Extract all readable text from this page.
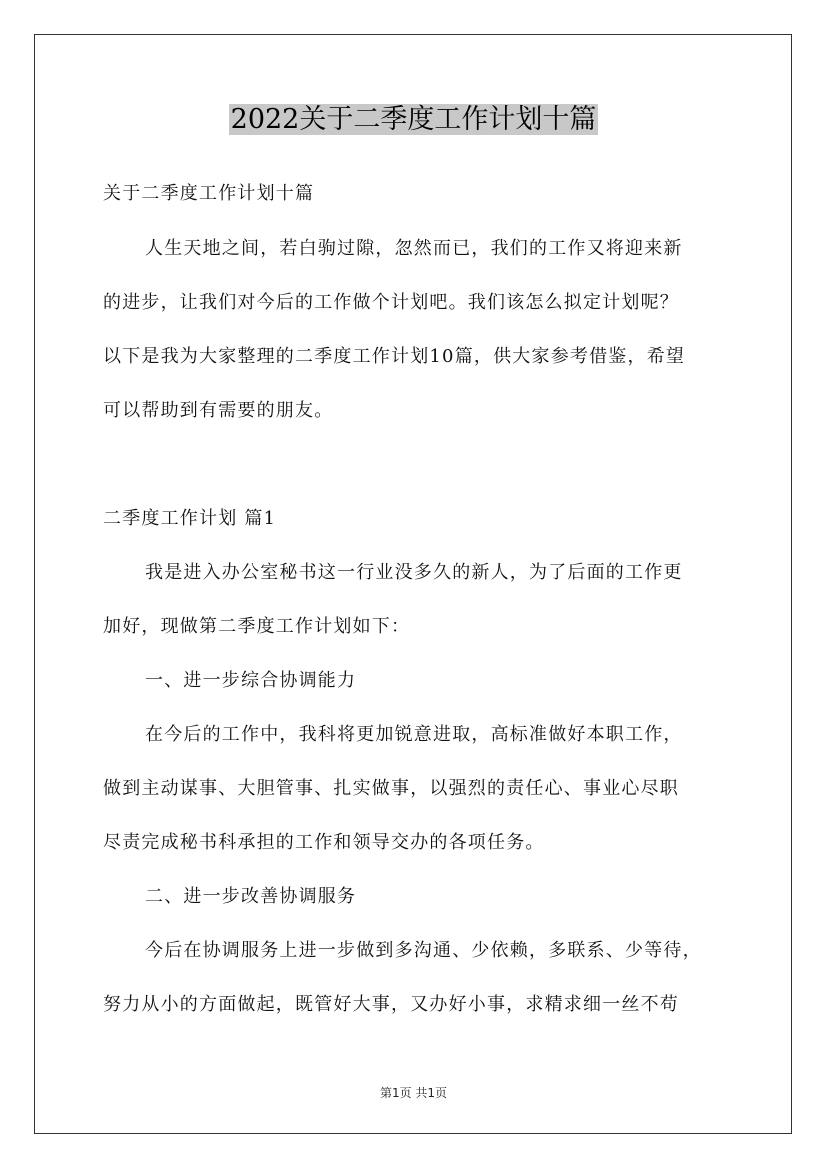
2022关于二季度工作计划十篇
关于二季度工作计划十篇
人生天地之间，若白驹过隙，忽然而已，我们的工作又将迎来新
的进步，让我们对今后的工作做个计划吧。我们该怎么拟定计划呢？
以下是我为大家整理的二季度工作计划10篇，供大家参考借鉴，希望
可以帮助到有需要的朋友。
二季度工作计划 篇1
我是进入办公室秘书这一行业没多久的新人，为了后面的工作更
加好，现做第二季度工作计划如下：
一、进一步综合协调能力
在今后的工作中，我科将更加锐意进取，高标准做好本职工作，
做到主动谋事、大胆管事、扎实做事，以强烈的责任心、事业心尽职
尽责完成秘书科承担的工作和领导交办的各项任务。
二、进一步改善协调服务
今后在协调服务上进一步做到多沟通、少依赖，多联系、少等待，
努力从小的方面做起，既管好大事，又办好小事，求精求细一丝不苟
第1页 共1页
